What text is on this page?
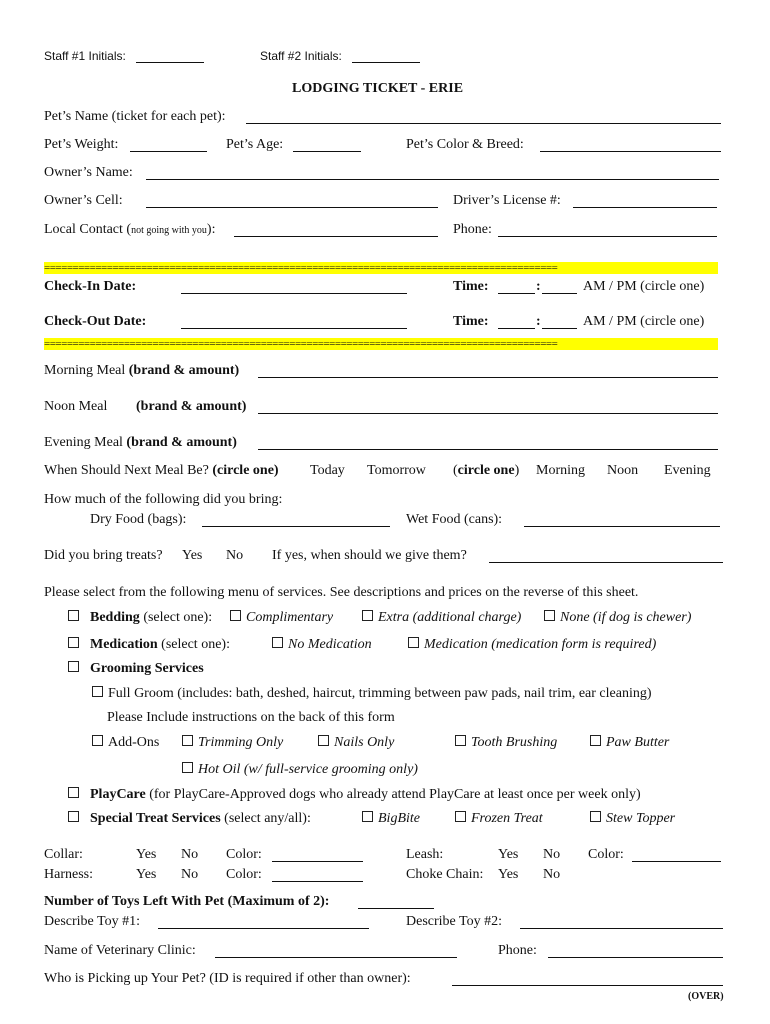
Staff #1 Initials:	Staff #2 Initials:
LODGING TICKET - ERIE
Pet’s Name (ticket for each pet):
Pet’s Weight:	Pet’s Age:	Pet’s Color & Breed:
Owner’s Name:
Owner’s Cell:	Driver’s License #:
Local Contact (not going with you):	Phone:
==========================================================================================
Check-In Date:	Time:	:	AM / PM (circle one)
Check-Out Date:	Time:	:	AM / PM (circle one)
==========================================================================================
Morning Meal (brand & amount)
Noon Meal (brand & amount)
Evening Meal (brand & amount)
When Should Next Meal Be? (circle one) Today Tomorrow (circle one) Morning Noon Evening
How much of the following did you bring:
Dry Food (bags):	Wet Food (cans):
Did you bring treats? Yes No If yes, when should we give them?
Please select from the following menu of services. See descriptions and prices on the reverse of this sheet.
Bedding (select one):	Complimentary	Extra (additional charge)	None (if dog is chewer)
Medication (select one):	No Medication	Medication (medication form is required)
Grooming Services
Full Groom (includes: bath, deshed, haircut, trimming between paw pads, nail trim, ear cleaning)
Please Include instructions on the back of this form
Add-Ons	Trimming Only	Nails Only	Tooth Brushing	Paw Butter
Hot Oil (w/ full-service grooming only)
PlayCare (for PlayCare-Approved dogs who already attend PlayCare at least once per week only)
Special Treat Services (select any/all):	BigBite	Frozen Treat	Stew Topper
Collar:	Yes No Color:	Leash:	Yes No Color:
Harness:	Yes No Color:	Choke Chain: Yes No
Number of Toys Left With Pet (Maximum of 2):
Describe Toy #1:	Describe Toy #2:
Name of Veterinary Clinic:	Phone:
Who is Picking up Your Pet? (ID is required if other than owner):
(OVER)
